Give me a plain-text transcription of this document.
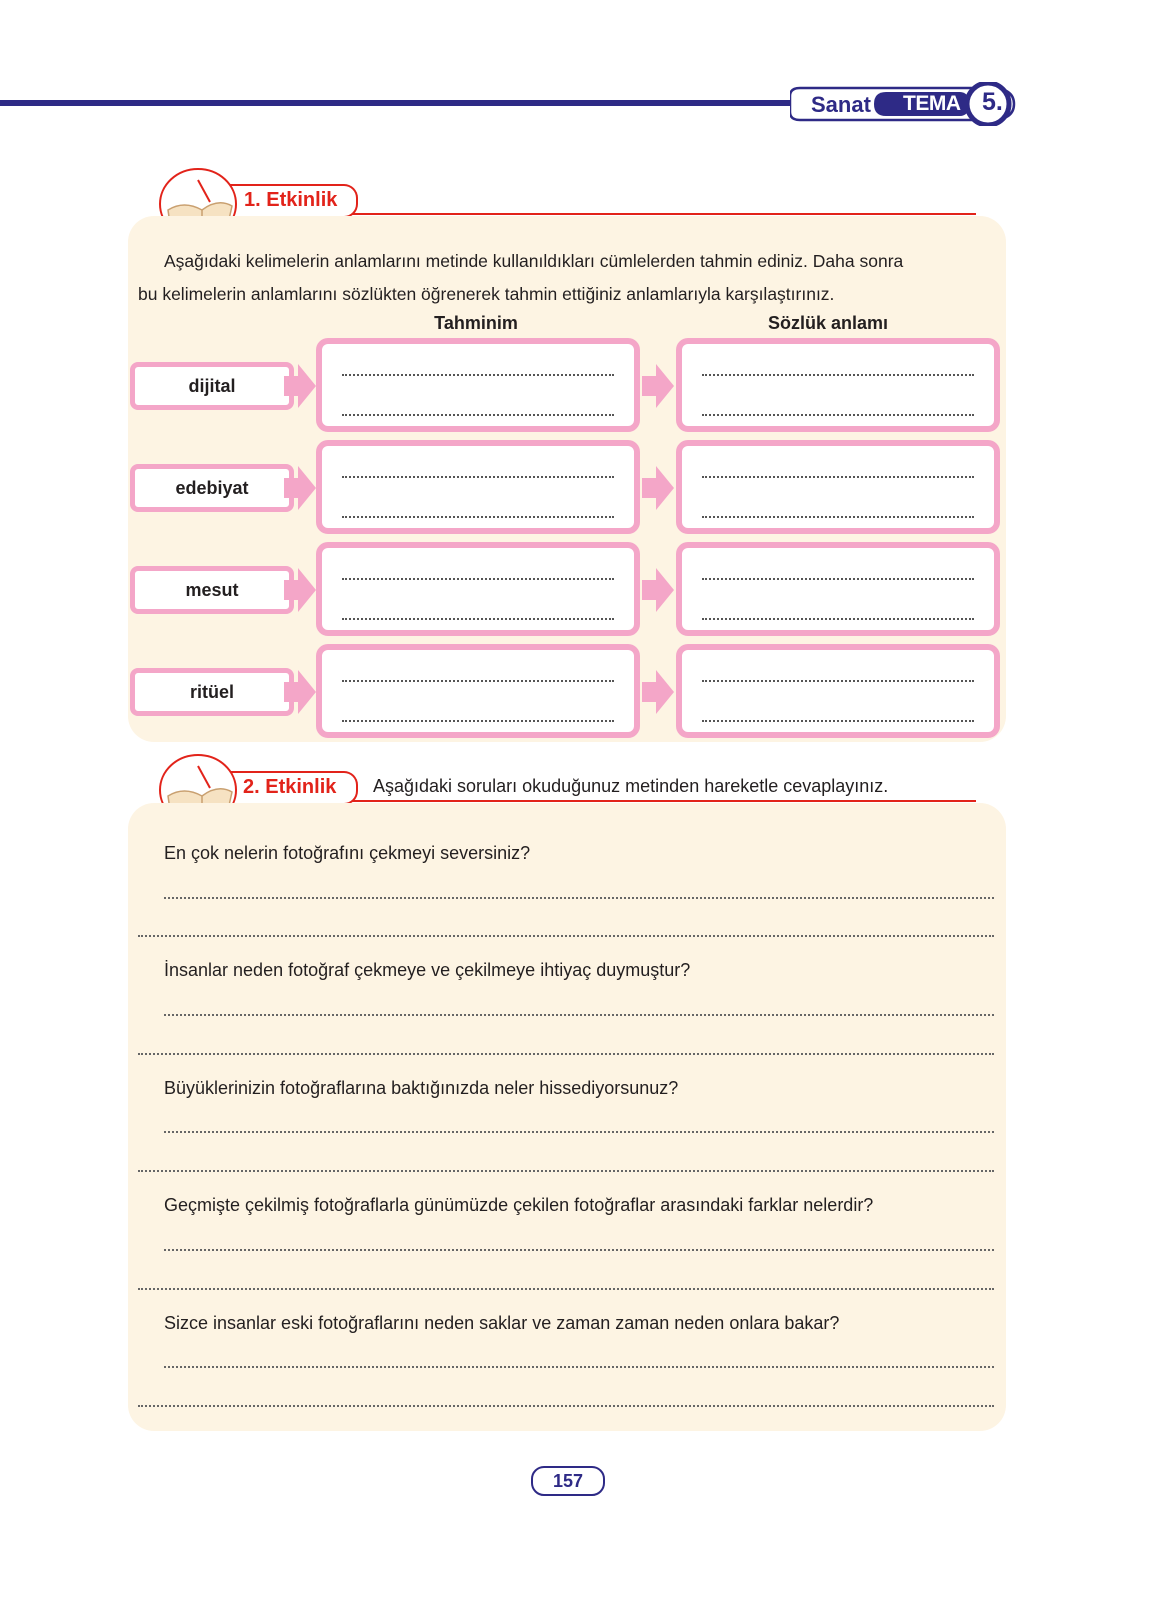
Sanat TEMA 5.
1. Etkinlik
Aşağıdaki kelimelerin anlamlarını metinde kullanıldıkları cümlelerden tahmin ediniz. Daha sonra
bu kelimelerin anlamlarını sözlükten öğrenerek tahmin ettiğiniz anlamlarıyla karşılaştırınız.
Tahminim	Sözlük anlamı
dijital
edebiyat
mesut
ritüel
2. Etkinlik Aşağıdaki soruları okuduğunuz metinden hareketle cevaplayınız.
En çok nelerin fotoğrafını çekmeyi seversiniz?
İnsanlar neden fotoğraf çekmeye ve çekilmeye ihtiyaç duymuştur?
Büyüklerinizin fotoğraflarına baktığınızda neler hissediyorsunuz?
Geçmişte çekilmiş fotoğraflarla günümüzde çekilen fotoğraflar arasındaki farklar nelerdir?
Sizce insanlar eski fotoğraflarını neden saklar ve zaman zaman neden onlara bakar?
157
